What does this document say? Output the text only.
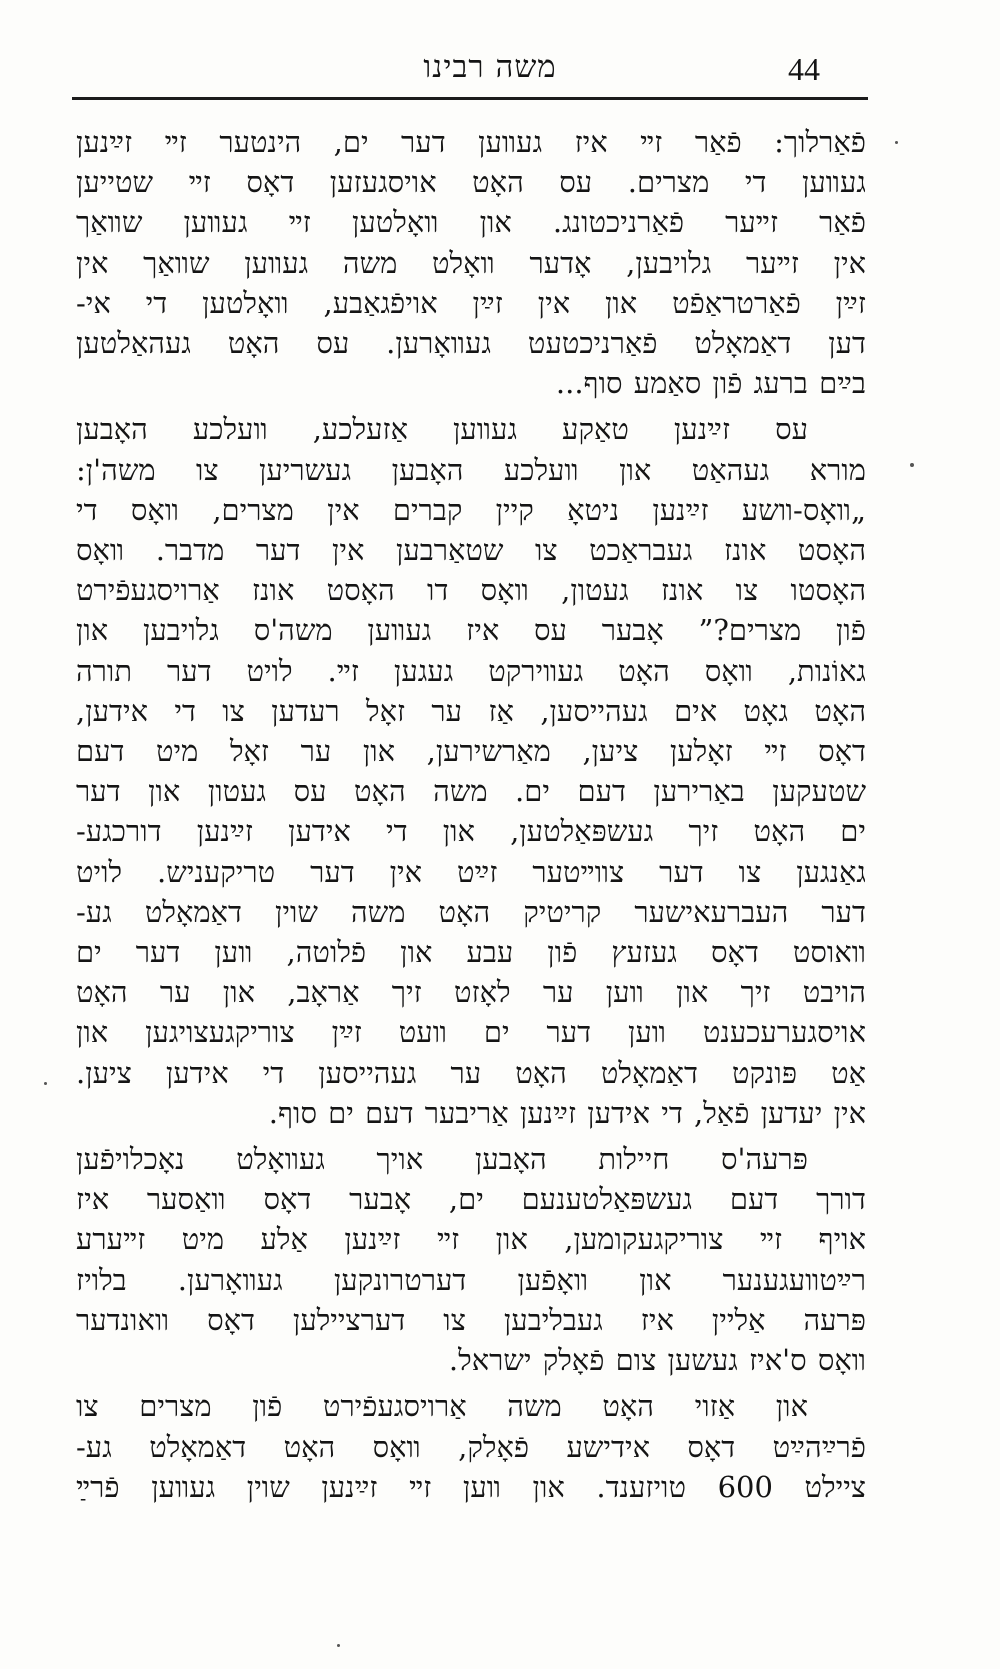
משה רבינו	44

פֿאַרלוך: פֿאַר זײ איז געװען דער ים, הינטער זײ זײַנען
געװען די מצרים. עס האָט אויסגעזען דאָס זײ שטייען
פֿאַר זײער פֿאַרניכטונג. און װאָלטען זײ געװען שװאַך
אין זײער גלויבען, אָדער װאָלט משה געװען שװאַך אין
זײַן פֿאַרטראַפֿט און אין זײַן אויפֿגאַבע, װאָלטען די אי-
דען דאַמאָלט פֿאַרניכטעט געװאָרען. עס האָט געהאַלטען
בײַם ברעג פֿון סאַמע סוף...

עס זײַנען טאַקע געװען אַזעלכע, װעלכע האָבען
מורא געהאַט און װעלכע האָבען געשריען צו משה'ן:
„װאָס-װשע זײַנען ניטאָ קיין קברים אין מצרים, װאָס די
האָסט אונז געבראַכט צו שטאַרבען אין דער מדבר. װאָס
האָסטו צו אונז געטון, װאָס דו האָסט אונז אַרויסגעפֿירט
פֿון מצרים?” אָבער עס איז געװען משה'ס גלויבען און
גאוֹנות, װאָס האָט געװירקט געגען זײ. לויט דער תורה
האָט גאָט אים געהייסען, אַז ער זאָל רעדען צו די אידען,
דאָס זײ זאָלען ציען, מאַרשירען, און ער זאָל מיט דעם
שטעקען באַרירען דעם ים. משה האָט עס געטון און דער
ים האָט זיך געשפּאַלטען, און די אידען זײַנען דורכגע-
גאַנגען צו דער צװײטער זײַט אין דער טריקעניש. לויט
דער העברעאישער קריטיק האָט משה שוין דאַמאָלט גע-
װאוסט דאָס געזעץ פֿון עבע און פֿלוטה, װען דער ים
הויבט זיך און װען ער לאָזט זיך אַראָב, און ער האָט
אויסגערעכענט װען דער ים װעט זײַן צוריקגעצויגען און
אַט פּונקט דאַמאָלט האָט ער געהייסען די אידען ציען.
אין יעדען פֿאַל, די אידען זײַנען אַריבער דעם ים סוף.

פּרעה'ס חיילות האָבען אויך געװאָלט נאָכלויפֿען
דורך דעם געשפּאַלטענעם ים, אָבער דאָס װאַסער איז
אויף זײ צוריקגעקומען, און זײ זײַנען אַלע מיט זײערע
רײַטװעגענער און װאָפֿען דערטרונקען געװאָרען. בלויז
פּרעה אַליין איז געבליבען צו דערציילען דאָס װאונדער
װאָס ס'איז געשען צום פֿאָלק ישראל.

און אַזוי האָט משה אַרויסגעפֿירט פֿון מצרים צו
פֿרײַהײַט דאָס אידישע פֿאָלק, װאָס האָט דאַמאָלט גע-
ציילט 600 טויזענד. און װען זײ זײַנען שוין געװען פֿרײַ
